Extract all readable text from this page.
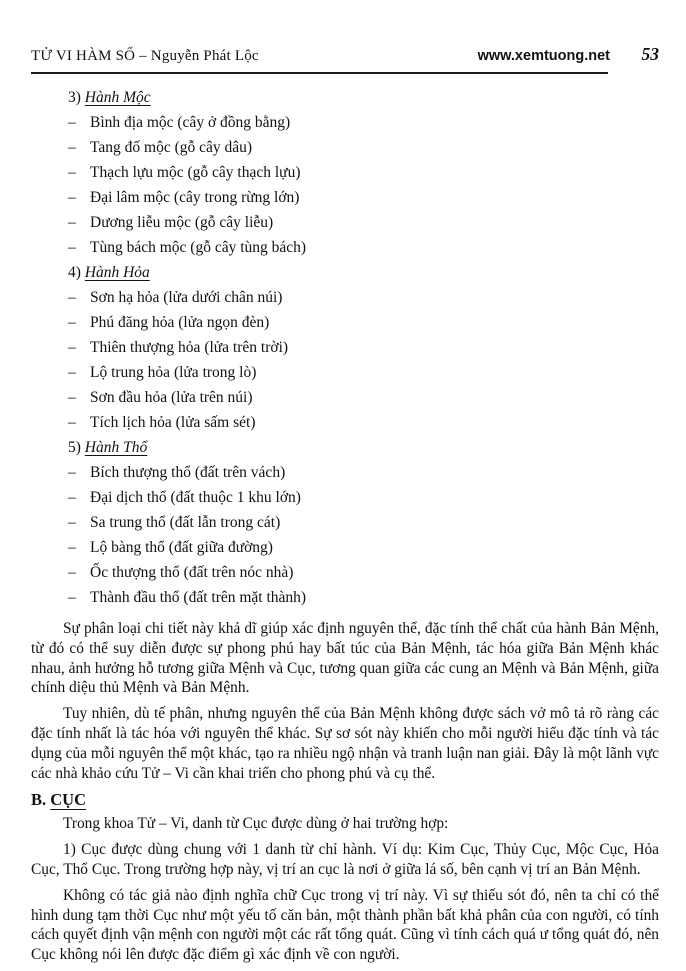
TỬ VI HÀM SỐ – Nguyễn Phát Lộc	www.xemtuong.net	53
3) Hành Mộc
– Bình địa mộc (cây ở đồng bằng)
– Tang đố mộc (gỗ cây dâu)
– Thạch lựu mộc (gỗ cây thạch lựu)
– Đại lâm mộc (cây trong rừng lớn)
– Dương liễu mộc (gỗ cây liễu)
– Tùng bách mộc (gỗ cây tùng bách)
4) Hành Hỏa
– Sơn hạ hỏa (lửa dưới chân núi)
– Phú đăng hỏa (lửa ngọn đèn)
– Thiên thượng hỏa (lửa trên trời)
– Lộ trung hỏa (lửa trong lò)
– Sơn đầu hỏa (lửa trên núi)
– Tích lịch hỏa (lửa sấm sét)
5) Hành Thổ
– Bích thượng thổ (đất trên vách)
– Đại dịch thổ (đất thuộc 1 khu lớn)
– Sa trung thổ (đất lẫn trong cát)
– Lộ bàng thổ (đất giữa đường)
– Ốc thượng thổ (đất trên nóc nhà)
– Thành đầu thổ (đất trên mặt thành)

Sự phân loại chi tiết này khả dĩ giúp xác định nguyên thể, đặc tính thể chất của hành Bản Mệnh, từ đó có thể suy diễn được sự phong phú hay bất túc của Bản Mệnh, tác hóa giữa Bản Mệnh khác nhau, ảnh hưởng hỗ tương giữa Mệnh và Cục, tương quan giữa các cung an Mệnh và Bản Mệnh, giữa chính diệu thủ Mệnh và Bản Mệnh.

Tuy nhiên, dù tế phân, nhưng nguyên thể của Bản Mệnh không được sách vở mô tả rõ ràng các đặc tính nhất là tác hóa với nguyên thể khác. Sự sơ sót này khiến cho mỗi người hiểu đặc tính và tác dụng của mỗi nguyên thể một khác, tạo ra nhiều ngộ nhận và tranh luận nan giải. Đây là một lãnh vực các nhà khảo cứu Tử – Vi cần khai triển cho phong phú và cụ thể.

B. CỤC

Trong khoa Tử – Vi, danh từ Cục được dùng ở hai trường hợp:

1) Cục được dùng chung với 1 danh từ chỉ hành. Ví dụ: Kim Cục, Thủy Cục, Mộc Cục, Hỏa Cục, Thổ Cục. Trong trường hợp này, vị trí an cục là nơi ở giữa lá số, bên cạnh vị trí an Bản Mệnh.

Không có tác giả nào định nghĩa chữ Cục trong vị trí này. Vì sự thiếu sót đó, nên ta chỉ có thể hình dung tạm thời Cục như một yếu tố căn bản, một thành phần bất khả phân của con người, có tính cách quyết định vận mệnh con người một các rất tổng quát. Cũng vì tính cách quá ư tổng quát đó, nên Cục không nói lên được đặc điểm gì xác định về con người.
